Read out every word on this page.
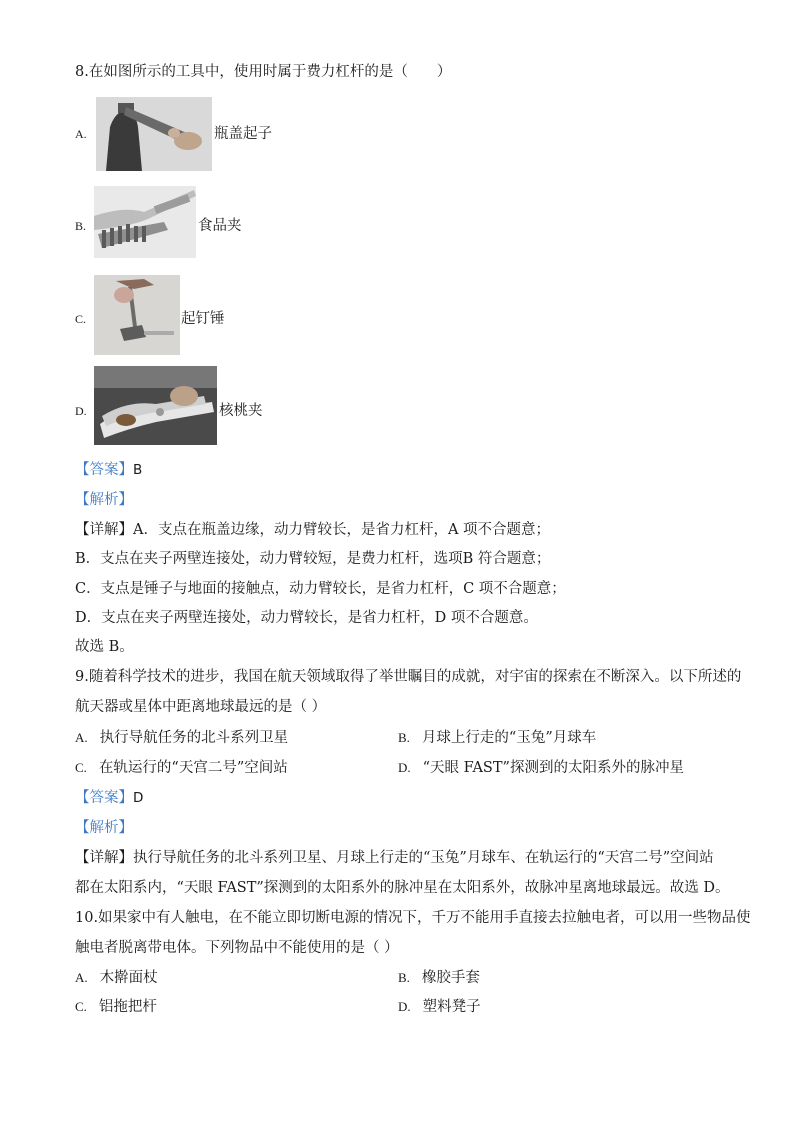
8.在如图所示的工具中，使用时属于费力杠杆的是（　　）
A.	瓶盖起子
B.	食品夹
C.	起钉锤
D.	核桃夹
【答案】B
【解析】
【详解】A．支点在瓶盖边缘，动力臂较长，是省力杠杆，A 项不合题意；
B．支点在夹子两壁连接处，动力臂较短，是费力杠杆，选项B 符合题意；
C．支点是锤子与地面的接触点，动力臂较长，是省力杠杆，C 项不合题意；
D．支点在夹子两壁连接处，动力臂较长，是省力杠杆，D 项不合题意。
故选 B。
9.随着科学技术的进步，我国在航天领域取得了举世瞩目的成就，对宇宙的探索在不断深入。以下所述的
航天器或星体中距离地球最远的是（ ）
A. 执行导航任务的北斗系列卫星	B. 月球上行走的“玉兔”月球车
C. 在轨运行的“天宫二号”空间站	D. “天眼 FAST”探测到的太阳系外的脉冲星
【答案】D
【解析】
【详解】执行导航任务的北斗系列卫星、月球上行走的“玉兔”月球车、在轨运行的“天宫二号”空间站
都在太阳系内，“天眼 FAST”探测到的太阳系外的脉冲星在太阳系外，故脉冲星离地球最远。故选 D。
10.如果家中有人触电，在不能立即切断电源的情况下，千万不能用手直接去拉触电者，可以用一些物品使
触电者脱离带电体。下列物品中不能使用的是（ ）
A. 木擀面杖	B. 橡胶手套
C. 铝拖把杆	D. 塑料凳子
